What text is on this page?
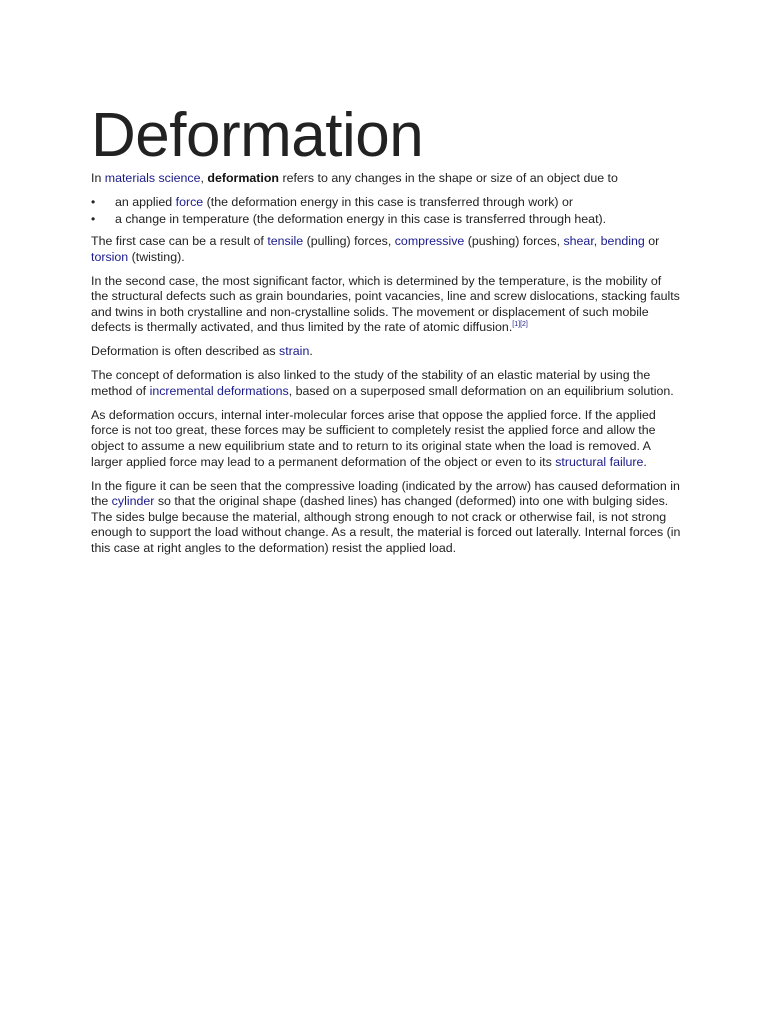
Deformation

In materials science, deformation refers to any changes in the shape or size of an object due to

•	an applied force (the deformation energy in this case is transferred through work) or
•	a change in temperature (the deformation energy in this case is transferred through heat).

The first case can be a result of tensile (pulling) forces, compressive (pushing) forces, shear, bending or torsion (twisting).

In the second case, the most significant factor, which is determined by the temperature, is the mobility of the structural defects such as grain boundaries, point vacancies, line and screw dislocations, stacking faults and twins in both crystalline and non-crystalline solids. The movement or displacement of such mobile defects is thermally activated, and thus limited by the rate of atomic diffusion.[1][2]

Deformation is often described as strain.

The concept of deformation is also linked to the study of the stability of an elastic material by using the method of incremental deformations, based on a superposed small deformation on an equilibrium solution.

As deformation occurs, internal inter-molecular forces arise that oppose the applied force. If the applied force is not too great, these forces may be sufficient to completely resist the applied force and allow the object to assume a new equilibrium state and to return to its original state when the load is removed. A larger applied force may lead to a permanent deformation of the object or even to its structural failure.

In the figure it can be seen that the compressive loading (indicated by the arrow) has caused deformation in the cylinder so that the original shape (dashed lines) has changed (deformed) into one with bulging sides. The sides bulge because the material, although strong enough to not crack or otherwise fail, is not strong enough to support the load without change. As a result, the material is forced out laterally. Internal forces (in this case at right angles to the deformation) resist the applied load.
